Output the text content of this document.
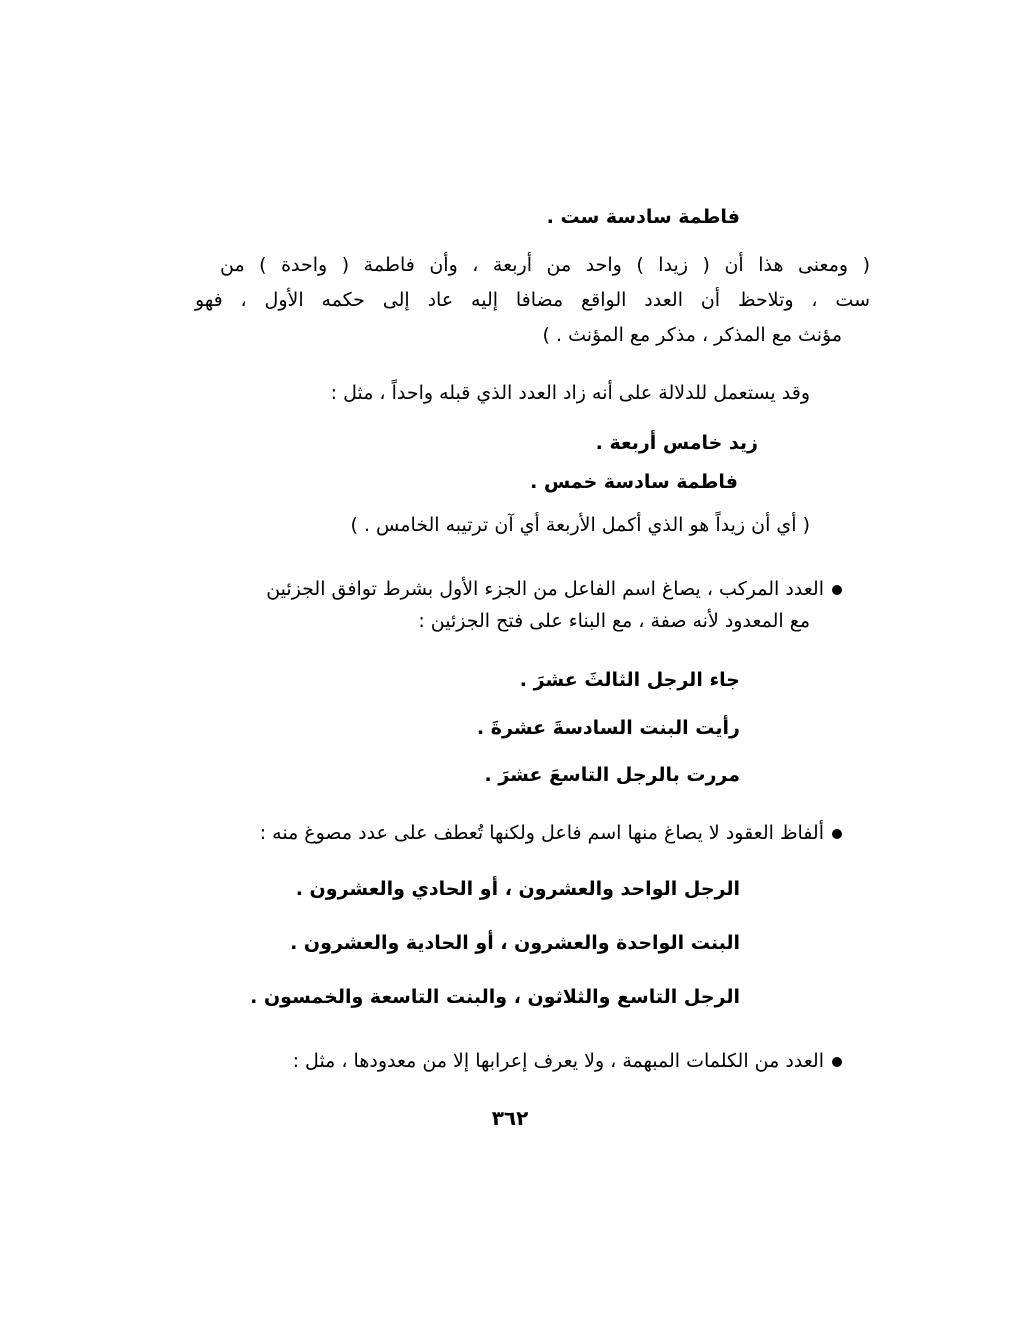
فاطمة سادسة ست .
( ومعنى هذا أن ( زيدا ) واحد من أربعة ، وأن فاطمة ( واحدة ) من
ست ، وتلاحظ أن العدد الواقع مضافا إليه عاد إلى حكمه الأول ، فهو
مؤنث مع المذكر ، مذكر مع المؤنث . )
وقد يستعمل للدلالة على أنه زاد العدد الذي قبله واحداً ، مثل :
زيد خامس أربعة .
فاطمة سادسة خمس .
( أي أن زيداً هو الذي أكمل الأربعة أي آن ترتيبه الخامس . )
العدد المركب ، يصاغ اسم الفاعل من الجزء الأول بشرط توافق الجزئين
مع المعدود لأنه صفة ، مع البناء على فتح الجزئين :
جاء الرجل الثالثَ عشرَ .
رأيت البنت السادسةَ عشرةَ .
مررت بالرجل التاسعَ عشرَ .
ألفاظ العقود لا يصاغ منها اسم فاعل ولكنها تُعطف على عدد مصوغ منه :
الرجل الواحد والعشرون ، أو الحادي والعشرون .
البنت الواحدة والعشرون ، أو الحادية والعشرون .
الرجل التاسع والثلاثون ، والبنت التاسعة والخمسون .
العدد من الكلمات المبهمة ، ولا يعرف إعرابها إلا من معدودها ، مثل :
٣٦٢
